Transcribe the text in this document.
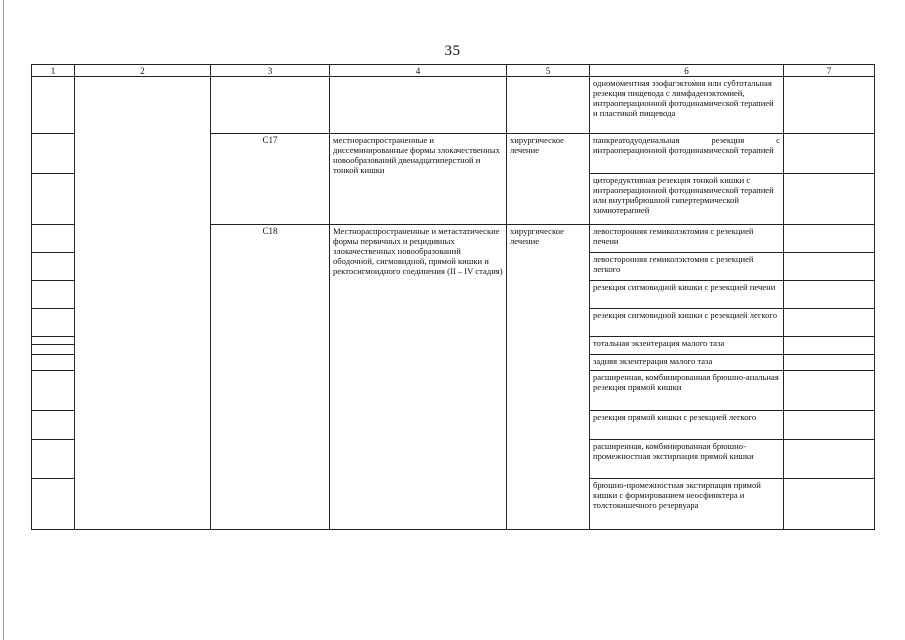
35
1	2	3	4	5	6	7
					одномоментная эзофагэктомия или субтотальная резекция пищевода с лимфаденэктомией, интраоперационной фотодинамической терапией и пластикой пищевода	
		C17	местнораспространенные и диссеминированные формы злокачественных новообразований двенадцатиперстной и тонкой кишки	хирургическое лечение	панкреатодуоденальная резекция с интраоперационной фотодинамической терапией	
					циторедуктивная резекция тонкой кишки с интраоперационной фотодинамической терапией или внутрибрюшной гипертермической химиотерапией	
		C18	Местнораспространенные и метастатические формы первичных и рецидивных злокачественных новообразований ободочной, сигмовидной, прямой кишки и ректосигмоидного соединения (II – IV стадия)	хирургическое лечение	левосторонняя гемиколэктомия с резекцией печени	
					левосторонняя гемиколэктомия с резекцией легкого	
					резекция сигмовидной кишки с резекцией печени	
					резекция сигмовидной кишки с резекцией легкого	
					тотальная экзентерация малого таза	

					задняя экзентерация малого таза	
					расширенная, комбинированная брюшно-анальная резекция прямой кишки	
					резекция прямой кишки с резекцией легкого	
					расширенная, комбинированная брюшно-промежностная экстирпация прямой кишки	
					брюшно-промежностная экстирпация прямой кишки с формированием неосфинктера и толстокишечного резервуара	
